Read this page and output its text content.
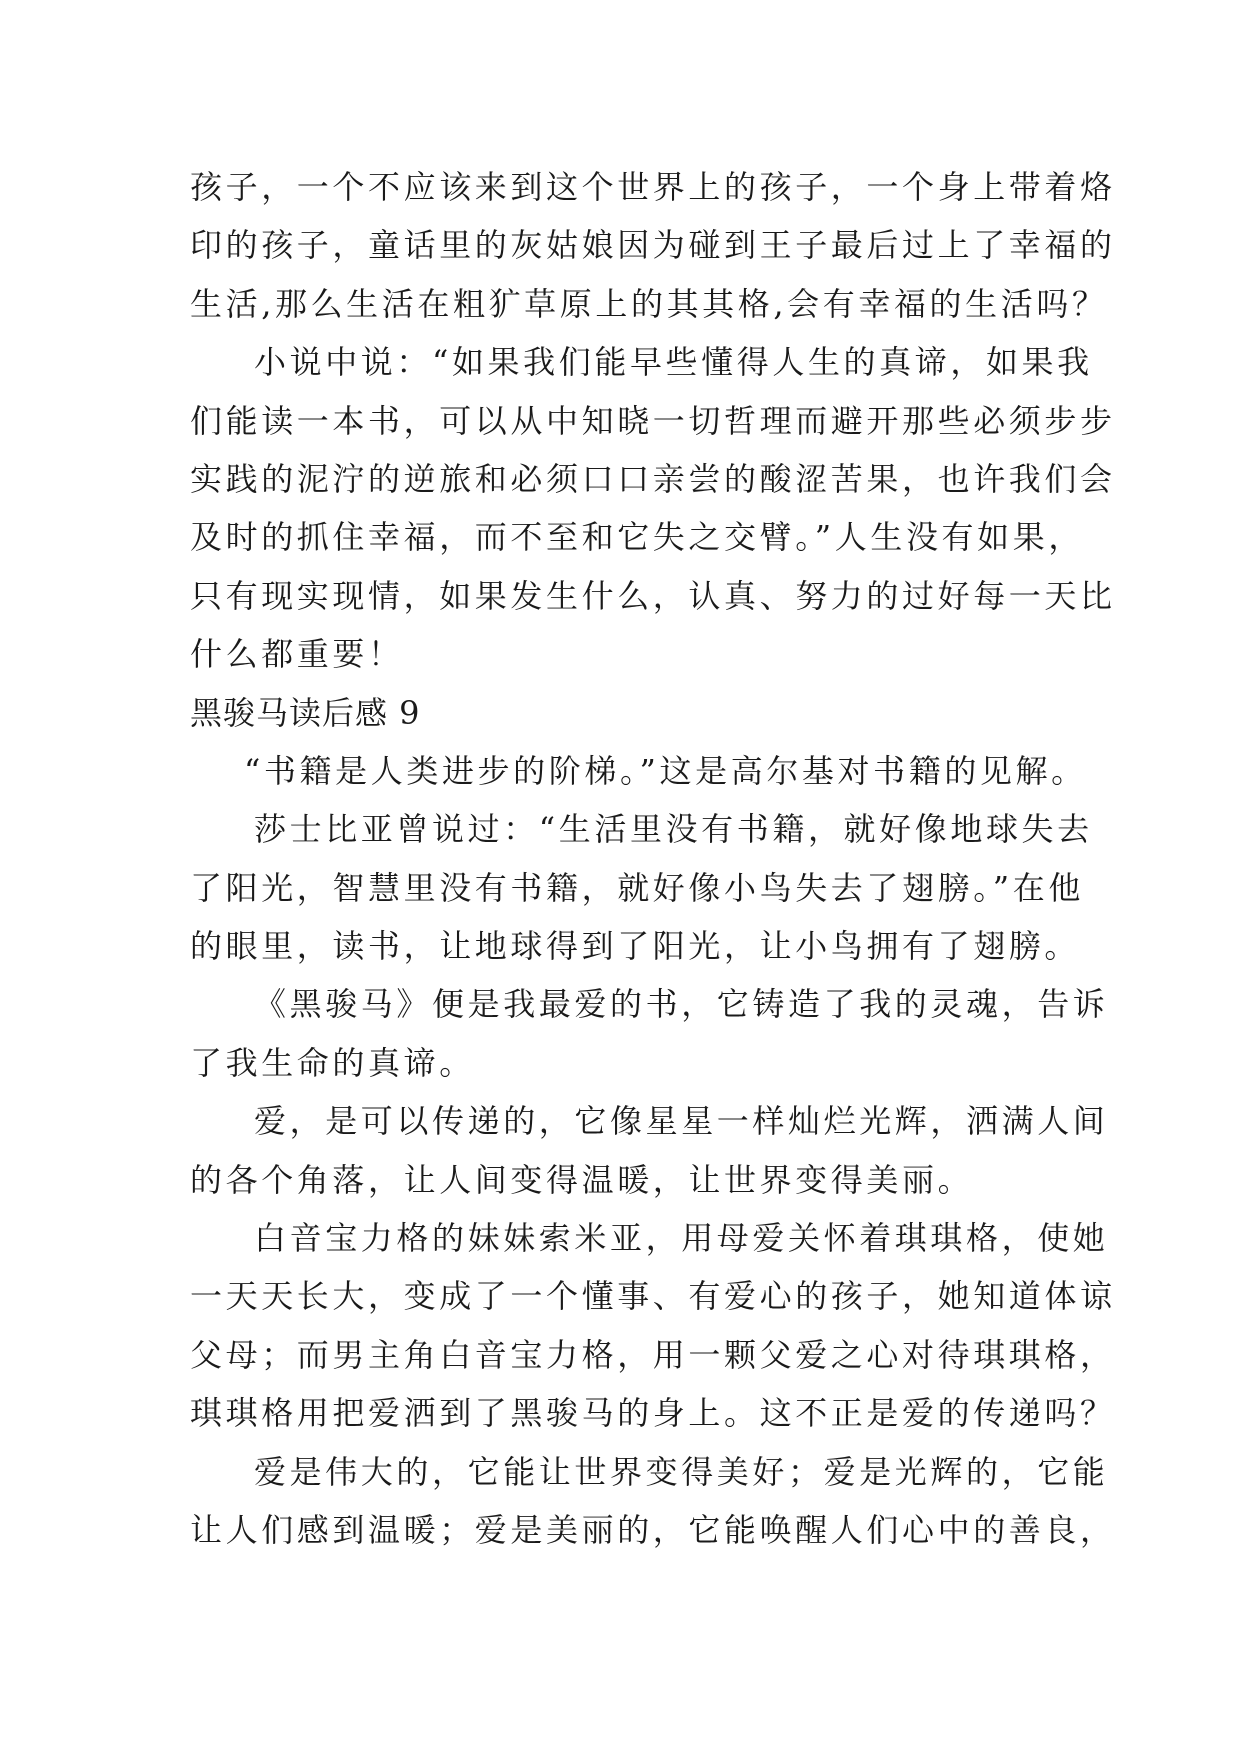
孩子，一个不应该来到这个世界上的孩子，一个身上带着烙
印的孩子，童话里的灰姑娘因为碰到王子最后过上了幸福的
生活,那么生活在粗犷草原上的其其格,会有幸福的生活吗？
小说中说：“如果我们能早些懂得人生的真谛，如果我
们能读一本书，可以从中知晓一切哲理而避开那些必须步步
实践的泥泞的逆旅和必须口口亲尝的酸涩苦果，也许我们会
及时的抓住幸福，而不至和它失之交臂。”人生没有如果，
只有现实现情，如果发生什么，认真、努力的过好每一天比
什么都重要！
黑骏马读后感 9
“书籍是人类进步的阶梯。”这是高尔基对书籍的见解。
莎士比亚曾说过：“生活里没有书籍，就好像地球失去
了阳光，智慧里没有书籍，就好像小鸟失去了翅膀。”在他
的眼里，读书，让地球得到了阳光，让小鸟拥有了翅膀。
《黑骏马》便是我最爱的书，它铸造了我的灵魂，告诉
了我生命的真谛。
爱，是可以传递的，它像星星一样灿烂光辉，洒满人间
的各个角落，让人间变得温暖，让世界变得美丽。
白音宝力格的妹妹索米亚，用母爱关怀着琪琪格，使她
一天天长大，变成了一个懂事、有爱心的孩子，她知道体谅
父母；而男主角白音宝力格，用一颗父爱之心对待琪琪格，
琪琪格用把爱洒到了黑骏马的身上。这不正是爱的传递吗？
爱是伟大的，它能让世界变得美好；爱是光辉的，它能
让人们感到温暖；爱是美丽的，它能唤醒人们心中的善良，
